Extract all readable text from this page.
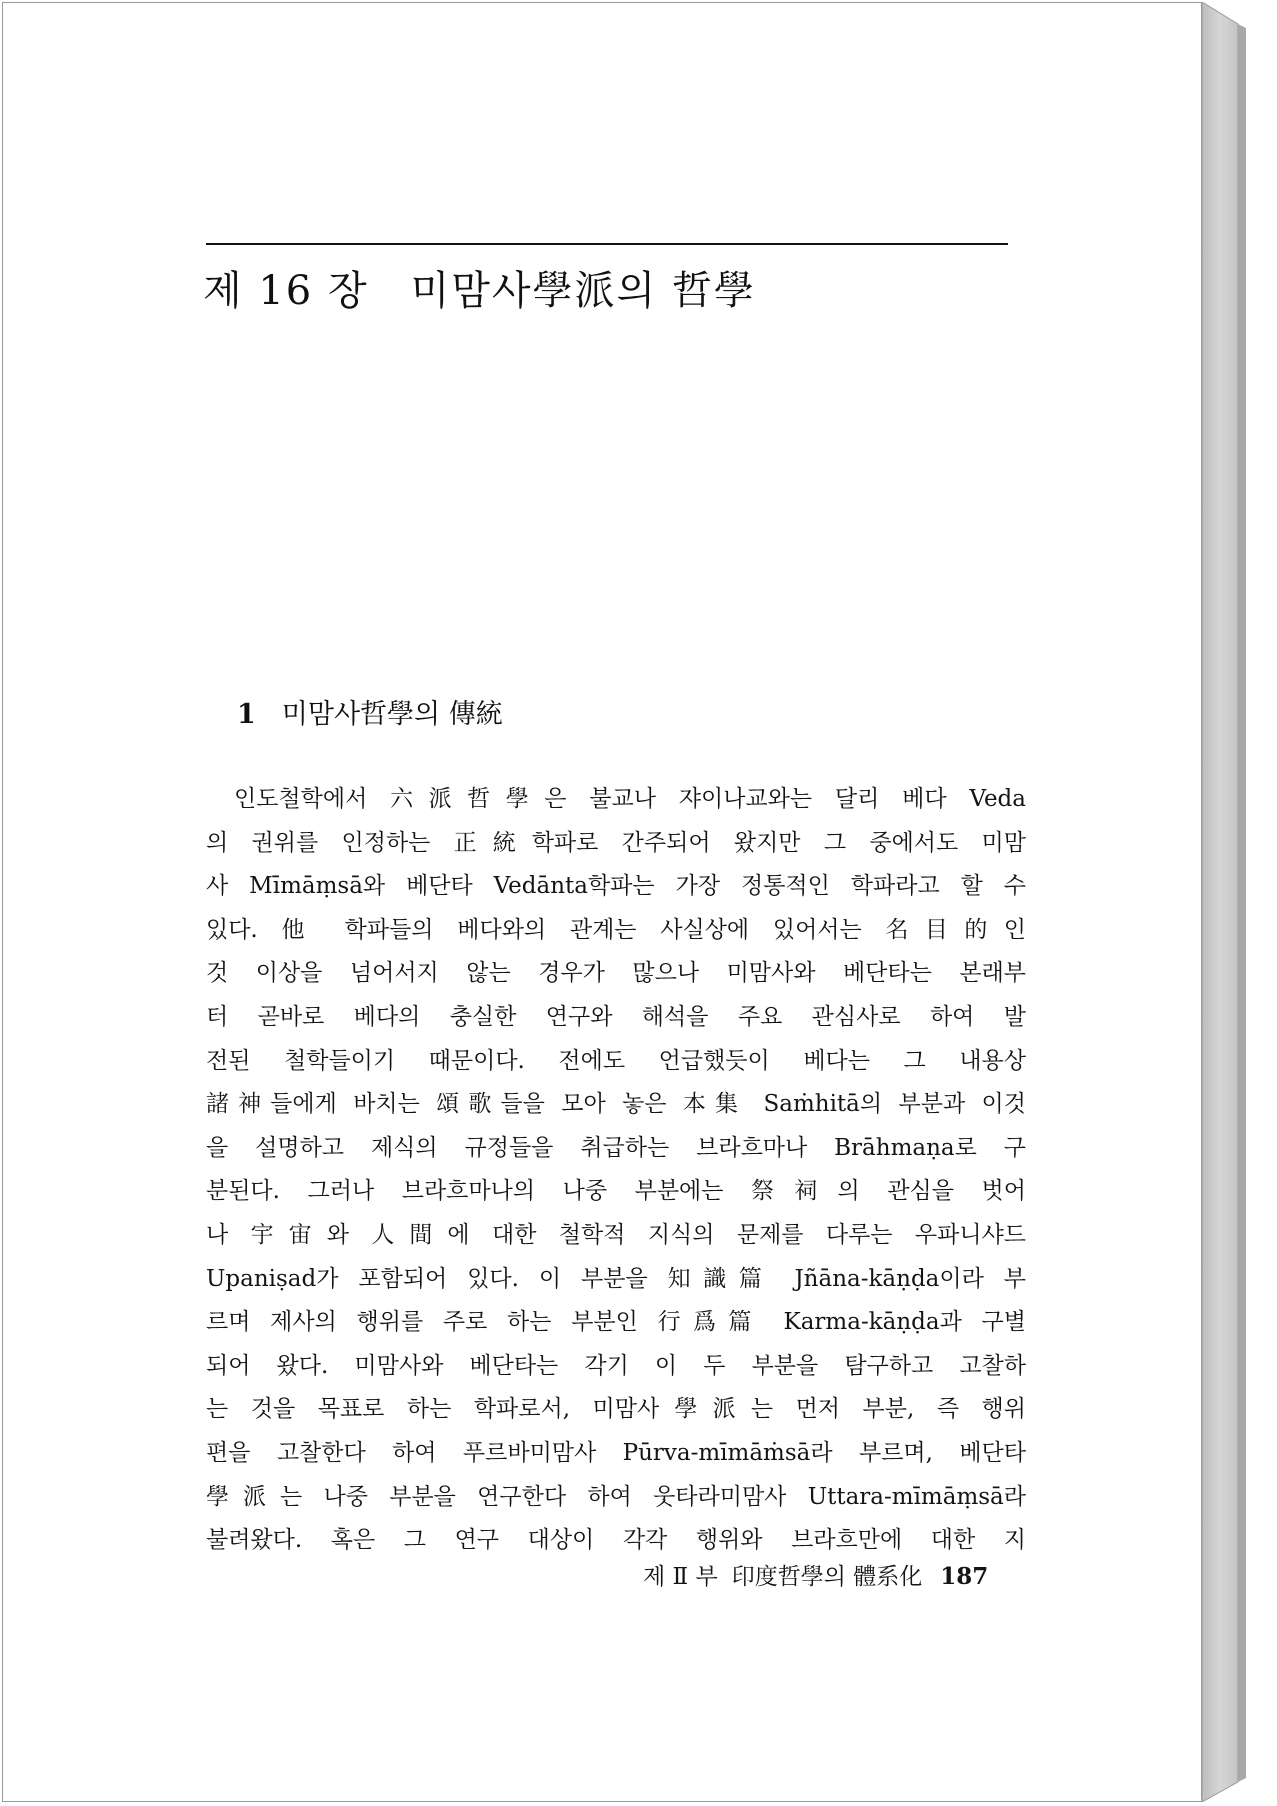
제 16 장 미맘사學派의 哲學
1 미맘사哲學의 傳統
인도철학에서 六派哲學은 불교나 쟈이나교와는 달리 베다 Veda
의 권위를 인정하는 正統학파로 간주되어 왔지만 그 중에서도 미맘
사 Mīmāṃsā와 베단타 Vedānta학파는 가장 정통적인 학파라고 할 수
있다. 他 학파들의 베다와의 관계는 사실상에 있어서는 名目的인
것 이상을 넘어서지 않는 경우가 많으나 미맘사와 베단타는 본래부
터 곧바로 베다의 충실한 연구와 해석을 주요 관심사로 하여 발
전된 철학들이기 때문이다. 전에도 언급했듯이 베다는 그 내용상
諸神들에게 바치는 頌歌들을 모아 놓은 本集 Saṁhitā의 부분과 이것
을 설명하고 제식의 규정들을 취급하는 브라흐마나 Brāhmaṇa로 구
분된다. 그러나 브라흐마나의 나중 부분에는 祭祠의 관심을 벗어
나 宇宙와 人間에 대한 철학적 지식의 문제를 다루는 우파니샤드
Upaniṣad가 포함되어 있다. 이 부분을 知識篇 Jñāna-kāṇḍa이라 부
르며 제사의 행위를 주로 하는 부분인 行爲篇 Karma-kāṇḍa과 구별
되어 왔다. 미맘사와 베단타는 각기 이 두 부분을 탐구하고 고찰하
는 것을 목표로 하는 학파로서, 미맘사學派는 먼저 부분, 즉 행위
편을 고찰한다 하여 푸르바미맘사 Pūrva-mīmāṁsā라 부르며, 베단타
學派는 나중 부분을 연구한다 하여 웃타라미맘사 Uttara-mīmāṃsā라
불려왔다. 혹은 그 연구 대상이 각각 행위와 브라흐만에 대한 지
제 Ⅱ 부 印度哲學의 體系化 187
